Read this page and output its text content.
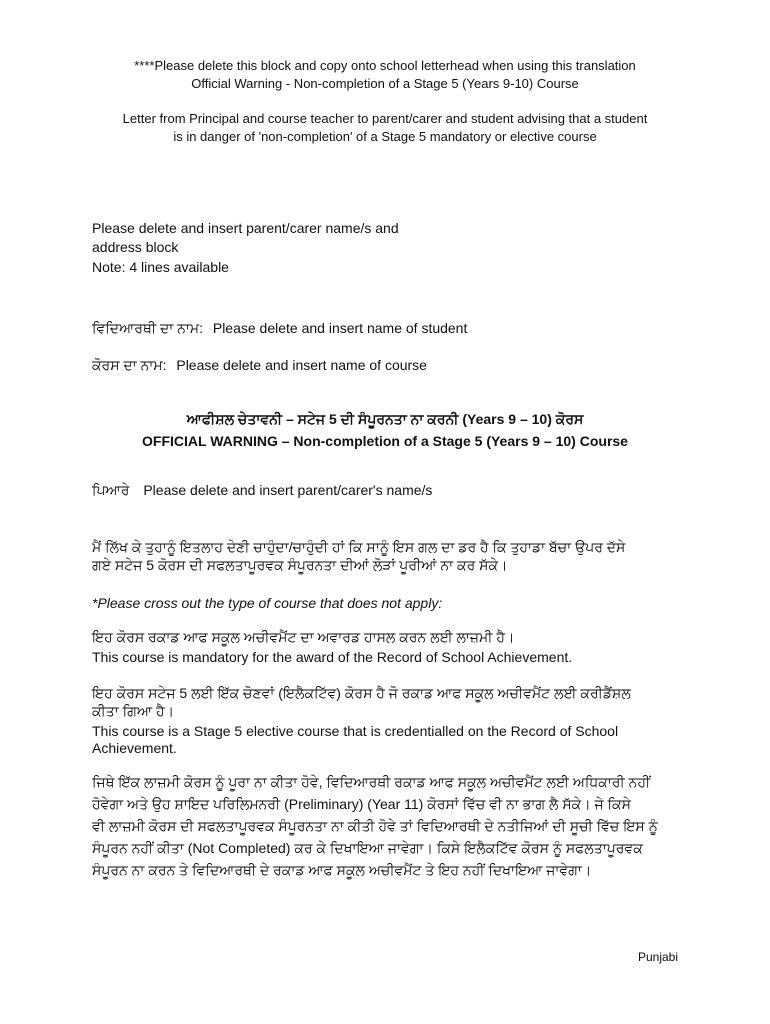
****Please delete this block and copy onto school letterhead when using this translation
Official Warning - Non-completion of a Stage 5 (Years 9-10) Course
Letter from Principal and course teacher to parent/carer and student advising that a student
is in danger of 'non-completion' of a Stage 5 mandatory or elective course
Please delete and insert parent/carer name/s and
address block
Note: 4 lines available
ਵਿਦਿਆਰਥੀ ਦਾ ਨਾਮ: Please delete and insert name of student
ਕੋਰਸ ਦਾ ਨਾਮ: Please delete and insert name of course
ਆਫੀਸ਼ਲ ਚੇਤਾਵਨੀ – ਸਟੇਜ 5 ਦੀ ਸੰਪੂਰਨਤਾ ਨਾ ਕਰਨੀ (Years 9 – 10) ਕੋਰਸ
OFFICIAL WARNING – Non-completion of a Stage 5 (Years 9 – 10) Course
ਪਿਆਰੇ Please delete and insert parent/carer's name/s
ਮੈਂ ਲਿੱਖ ਕੇ ਤੁਹਾਨੂੰ ਇਤਲਾਹ ਦੇਣੀ ਚਾਹੁੰਦਾ/ਚਾਹੁੰਦੀ ਹਾਂ ਕਿ ਸਾਨੂੰ ਇਸ ਗਲ ਦਾ ਡਰ ਹੈ ਕਿ ਤੁਹਾਡਾ ਬੱਚਾ ਉਪਰ ਦੱਸੇ
ਗਏ ਸਟੇਜ 5 ਕੋਰਸ ਦੀ ਸਫਲਤਾਪੂਰਵਕ ਸੰਪੂਰਨਤਾ ਦੀਆਂ ਲੋੜਾਂ ਪੂਰੀਆਂ ਨਾ ਕਰ ਸੱਕੇ।
*Please cross out the type of course that does not apply:
ਇਹ ਕੋਰਸ ਰਕਾਡ ਆਫ ਸਕੂਲ ਅਚੀਵਮੈਂਟ ਦਾ ਅਵਾਰਡ ਹਾਸਲ ਕਰਨ ਲਈ ਲਾਜ਼ਮੀ ਹੈ।
This course is mandatory for the award of the Record of School Achievement.
ਇਹ ਕੋਰਸ ਸਟੇਜ 5 ਲਈ ਇੱਕ ਚੋਣਵਾਂ (ਇਲੈਕਟਿੱਵ) ਕੋਰਸ ਹੈ ਜੋ ਰਕਾਡ ਆਫ ਸਕੂਲ ਅਚੀਵਮੈਂਟ ਲਈ ਕਰੀਡੈਂਸ਼ਲ
ਕੀਤਾ ਗਿਆ ਹੈ।
This course is a Stage 5 elective course that is credentialled on the Record of School
Achievement.
ਜਿਥੇ ਇੱਕ ਲਾਜ਼ਮੀ ਕੋਰਸ ਨੂੰ ਪੂਰਾ ਨਾ ਕੀਤਾ ਹੋਵੇ, ਵਿਦਿਆਰਥੀ ਰਕਾਡ ਆਫ ਸਕੂਲ ਅਚੀਵਮੈਂਟ ਲਈ ਅਧਿਕਾਰੀ ਨਹੀਂ
ਹੋਵੇਗਾ ਅਤੇ ਉਹ ਸ਼ਾਇਦ ਪਰਿਲਿਮਨਰੀ (Preliminary) (Year 11) ਕੋਰਸਾਂ ਵਿੱਚ ਵੀ ਨਾ ਭਾਗ ਲੈ ਸੱਕੇ। ਜੇ ਕਿਸੇ
ਵੀ ਲਾਜ਼ਮੀ ਕੋਰਸ ਦੀ ਸਫਲਤਾਪੂਰਵਕ ਸੰਪੂਰਨਤਾ ਨਾ ਕੀਤੀ ਹੋਵੇ ਤਾਂ ਵਿਦਿਆਰਥੀ ਦੇ ਨਤੀਜਿਆਂ ਦੀ ਸੂਚੀ ਵਿੱਚ ਇਸ ਨੂੰ
ਸੰਪੂਰਨ ਨਹੀਂ ਕੀਤਾ (Not Completed) ਕਰ ਕੇ ਦਿਖਾਇਆ ਜਾਵੇਗਾ। ਕਿਸੇ ਇਲੈਕਟਿੱਵ ਕੋਰਸ ਨੂੰ ਸਫਲਤਾਪੂਰਵਕ
ਸੰਪੂਰਨ ਨਾ ਕਰਨ ਤੇ ਵਿਦਿਆਰਥੀ ਦੇ ਰਕਾਡ ਆਫ ਸਕੂਲ ਅਚੀਵਮੈਂਟ ਤੇ ਇਹ ਨਹੀਂ ਦਿਖਾਇਆ ਜਾਵੇਗਾ।
Punjabi
